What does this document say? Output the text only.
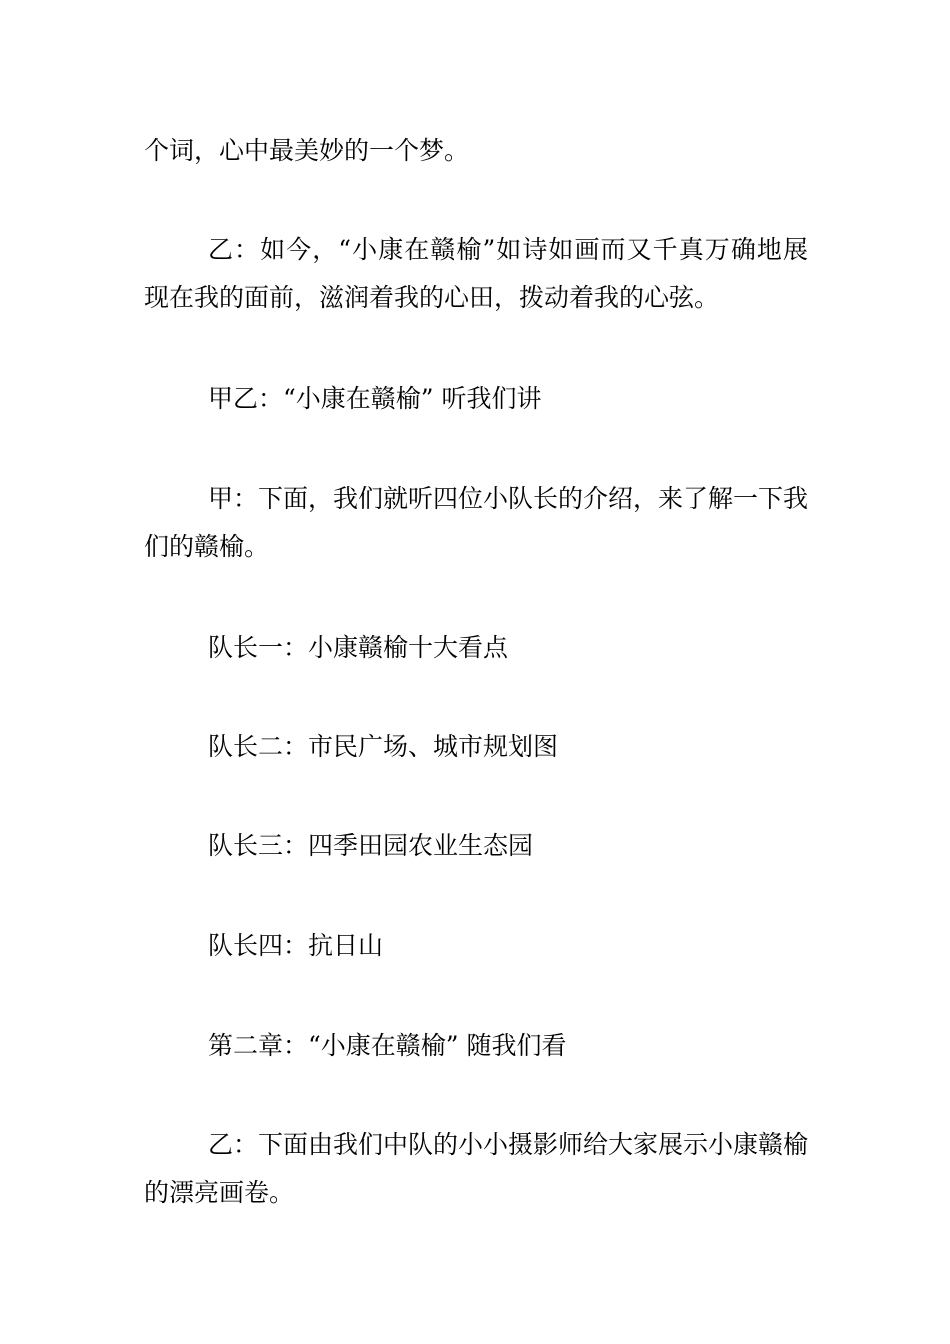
个词，心中最美妙的一个梦。

乙：如今，“小康在赣榆”如诗如画而又千真万确地展现在我的面前，滋润着我的心田，拨动着我的心弦。

甲乙：“小康在赣榆” 听我们讲

甲：下面，我们就听四位小队长的介绍，来了解一下我们的赣榆。

队长一：小康赣榆十大看点

队长二：市民广场、城市规划图

队长三：四季田园农业生态园

队长四：抗日山

第二章：“小康在赣榆” 随我们看

乙：下面由我们中队的小小摄影师给大家展示小康赣榆的漂亮画卷。
